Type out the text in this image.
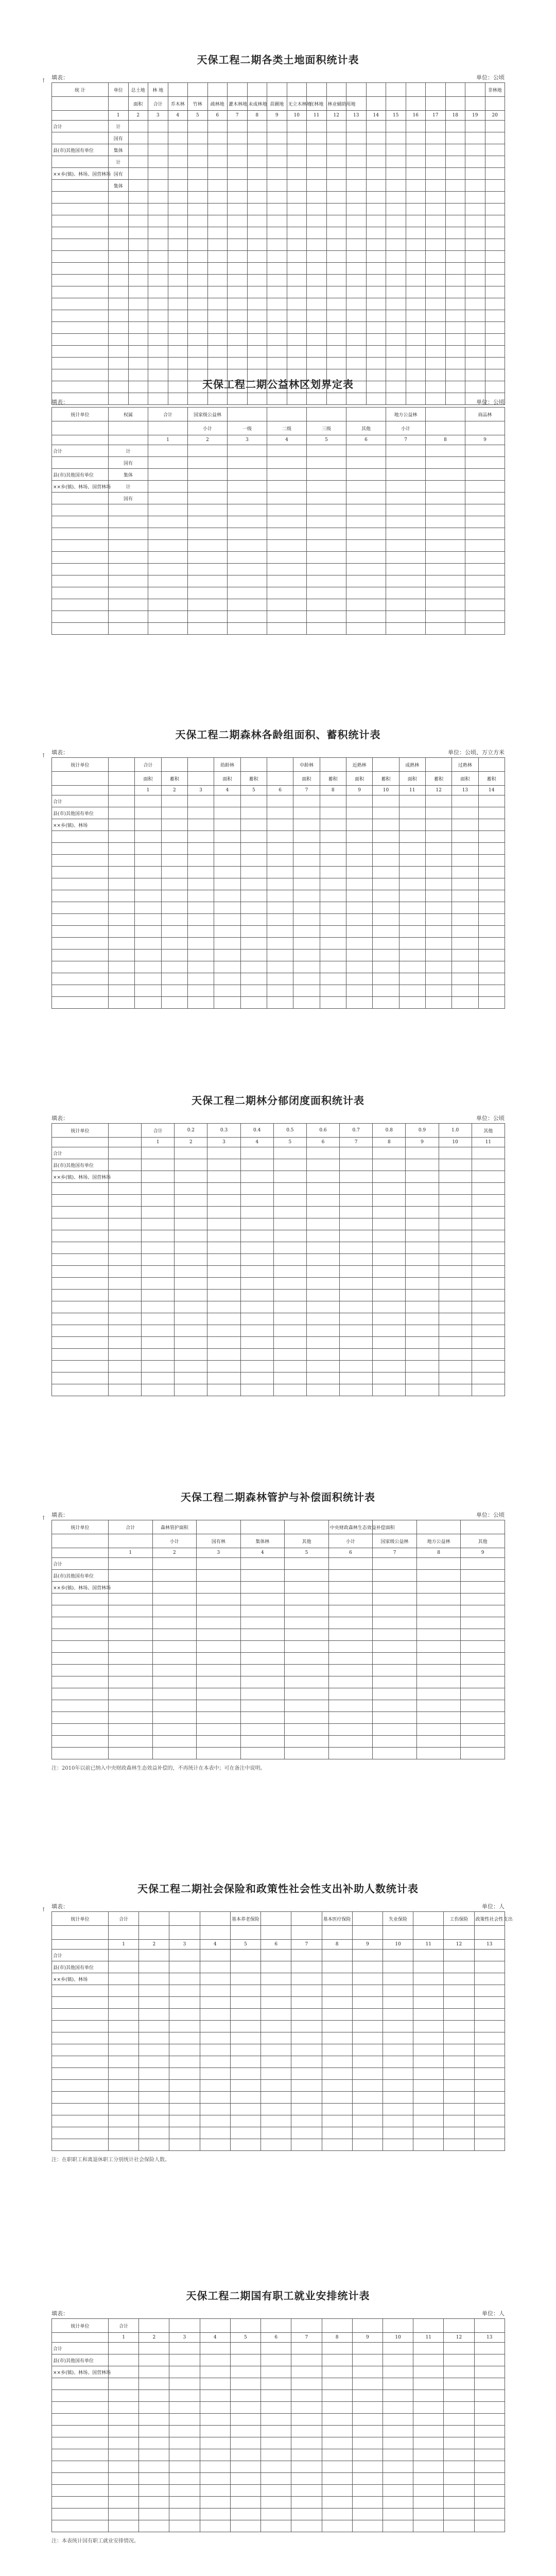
天保工程二期各类土地面积统计表
填表：	单位：公顷
↑
统 计	单位	总土地	林 地																	非林地
		面积	合计	乔木林	竹林	疏林地	灌木林地	未成林地	苗圃地	无立木林地	宜林地	林业辅助用地								
	1	2	3	4	5	6	7	8	9	10	11	12	13	14	15	16	17	18	19	20
合计	计																			
	国有																			
县(市)其他国有单位	集体																			
	计																			
××乡(镇)、林场、国营林场	国有																			
	集体																			

天保工程二期公益林区划界定表
填表：	单位：公顷
统计单位	权属	合计	国家级公益林					地方公益林		商品林
			小计	一级	二级	三级	其他	小计		
		1	2	3	4	5	6	7	8	9
合计	计									
	国有									
县(市)其他国有单位	集体									
××乡(镇)、林场、国营林场	计									
	国有									

天保工程二期森林各龄组面积、蓄积统计表
填表：	单位：公顷、万立方米
↑
统计单位		合计			幼龄林			中龄林		近熟林		成熟林		过熟林	
		面积	蓄积		面积	蓄积		面积	蓄积	面积	蓄积	面积	蓄积	面积	蓄积
		1	2	3	4	5	6	7	8	9	10	11	12	13	14
合计															
县(市)其他国有单位															
××乡(镇)、林场															

天保工程二期林分郁闭度面积统计表
填表：	单位：公顷
统计单位		合计	0.2	0.3	0.4	0.5	0.6	0.7	0.8	0.9	1.0	其他
		1	2	3	4	5	6	7	8	9	10	11
合计												
县(市)其他国有单位												
××乡(镇)、林场、国营林场												

天保工程二期森林管护与补偿面积统计表
填表：	单位：公顷
↑
统计单位	合计	森林管护面积				中央财政森林生态效益补偿面积			
		小计	国有林	集体林	其他	小计	国家级公益林	地方公益林	其他
	1	2	3	4	5	6	7	8	9
合计									
县(市)其他国有单位									
××乡(镇)、林场、国营林场									

注：2010年以前已纳入中央财政森林生态效益补偿的，不再统计在本表中；可在备注中说明。
天保工程二期社会保险和政策性社会性支出补助人数统计表
填表：	单位：人
↑
统计单位	合计				基本养老保险			基本医疗保险		失业保险		工伤保险	政策性社会性支出

	1	2	3	4	5	6	7	8	9	10	11	12	13
合计													
县(市)其他国有单位													
××乡(镇)、林场													

注：在职职工和离退休职工分别统计社会保险人数。
天保工程二期国有职工就业安排统计表
填表：	单位：人
统计单位	合计												
	1	2	3	4	5	6	7	8	9	10	11	12	13
合计													
县(市)其他国有单位													
××乡(镇)、林场、国营林场													

注：本表统计国有职工就业安排情况。
